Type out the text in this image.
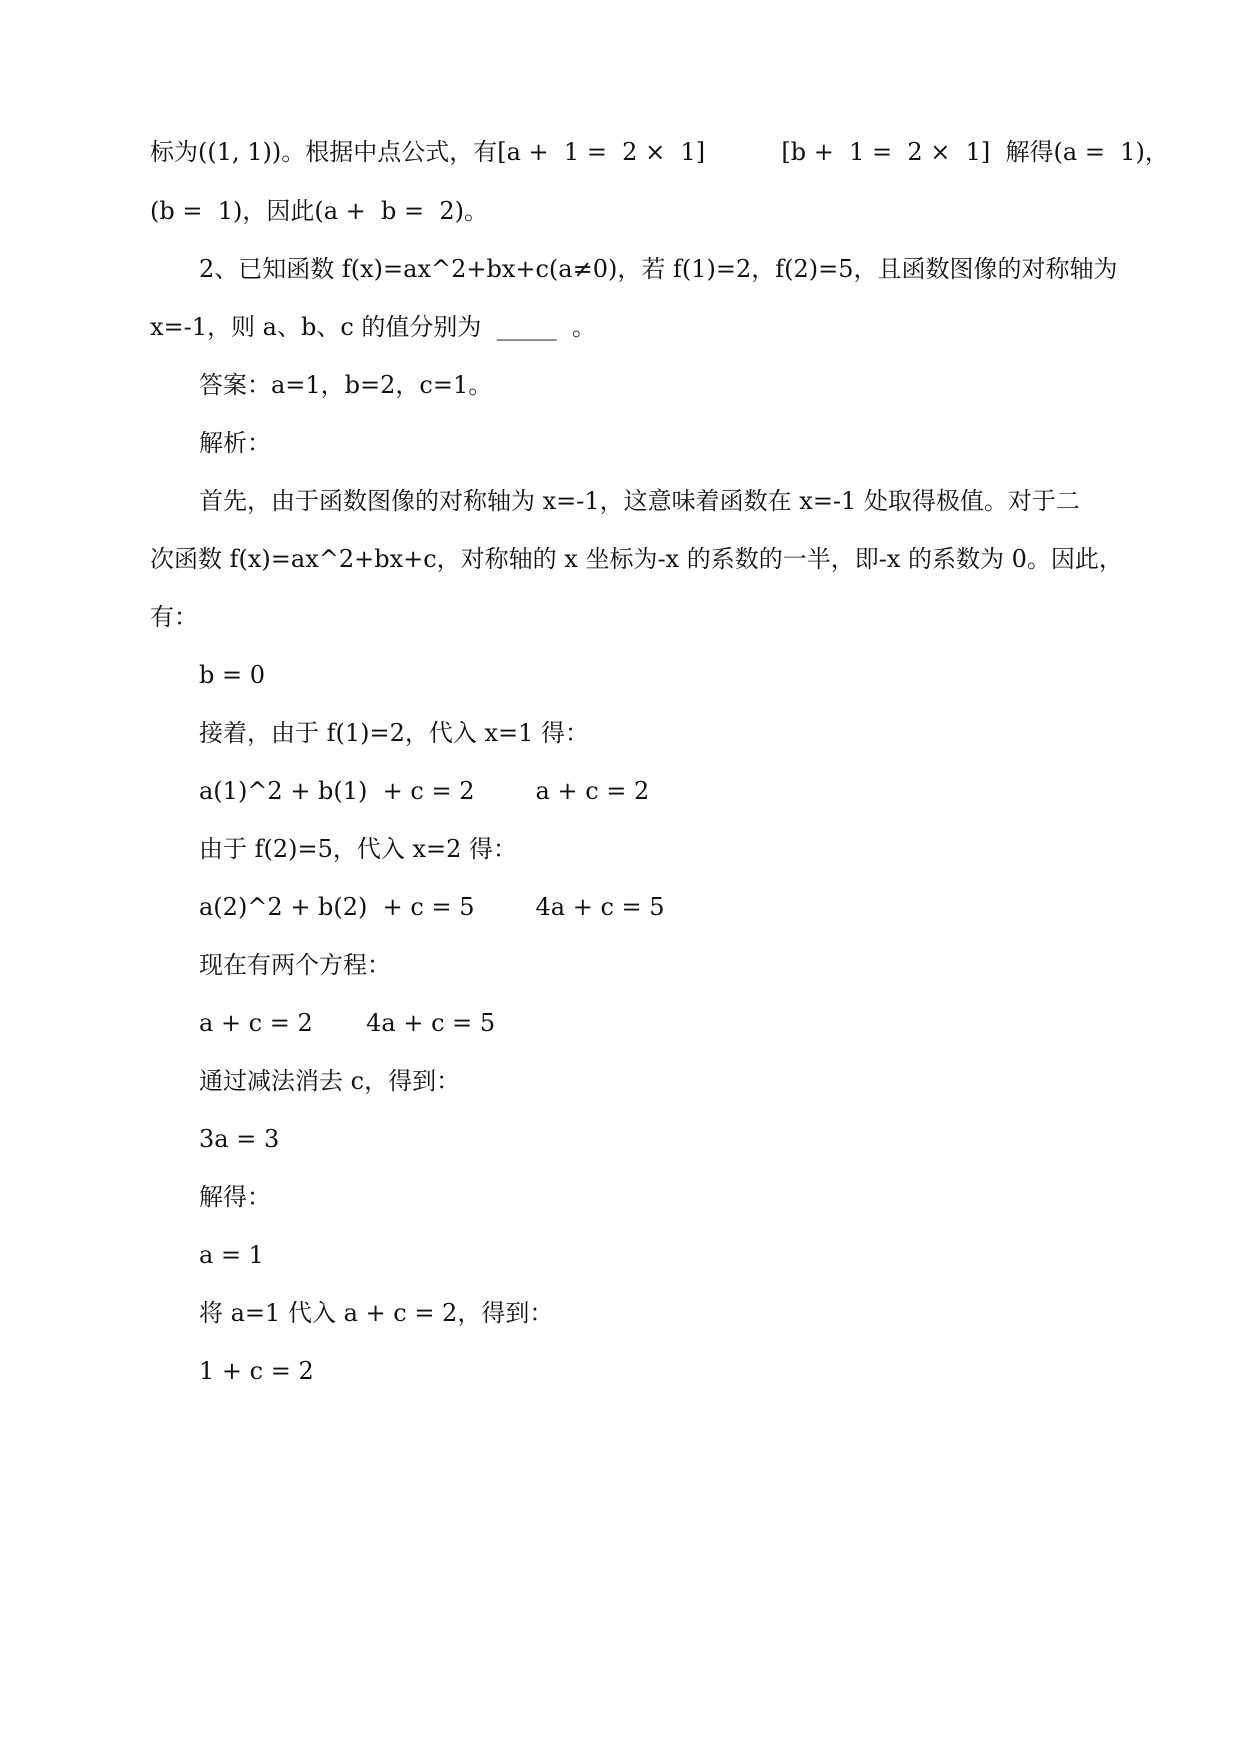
标为((1, 1))。根据中点公式，有[a +  1 =  2 ×  1]          [b +  1 =  2 ×  1]  解得(a =  1)，
(b =  1)，因此(a +  b =  2)。
2、已知函数 f(x)=ax^2+bx+c(a≠0)，若 f(1)=2，f(2)=5，且函数图像的对称轴为
x=-1，则 a、b、c 的值分别为  _____  。
答案：a=1，b=2，c=1。
解析：
首先，由于函数图像的对称轴为 x=-1，这意味着函数在 x=-1 处取得极值。对于二
次函数 f(x)=ax^2+bx+c，对称轴的 x 坐标为-x 的系数的一半，即-x 的系数为 0。因此，
有：
b = 0
接着，由于 f(1)=2，代入 x=1 得：
a(1)^2 + b(1)  + c = 2        a + c = 2
由于 f(2)=5，代入 x=2 得：
a(2)^2 + b(2)  + c = 5        4a + c = 5
现在有两个方程：
a + c = 2       4a + c = 5
通过减法消去 c，得到：
3a = 3
解得：
a = 1
将 a=1 代入 a + c = 2，得到：
1 + c = 2
